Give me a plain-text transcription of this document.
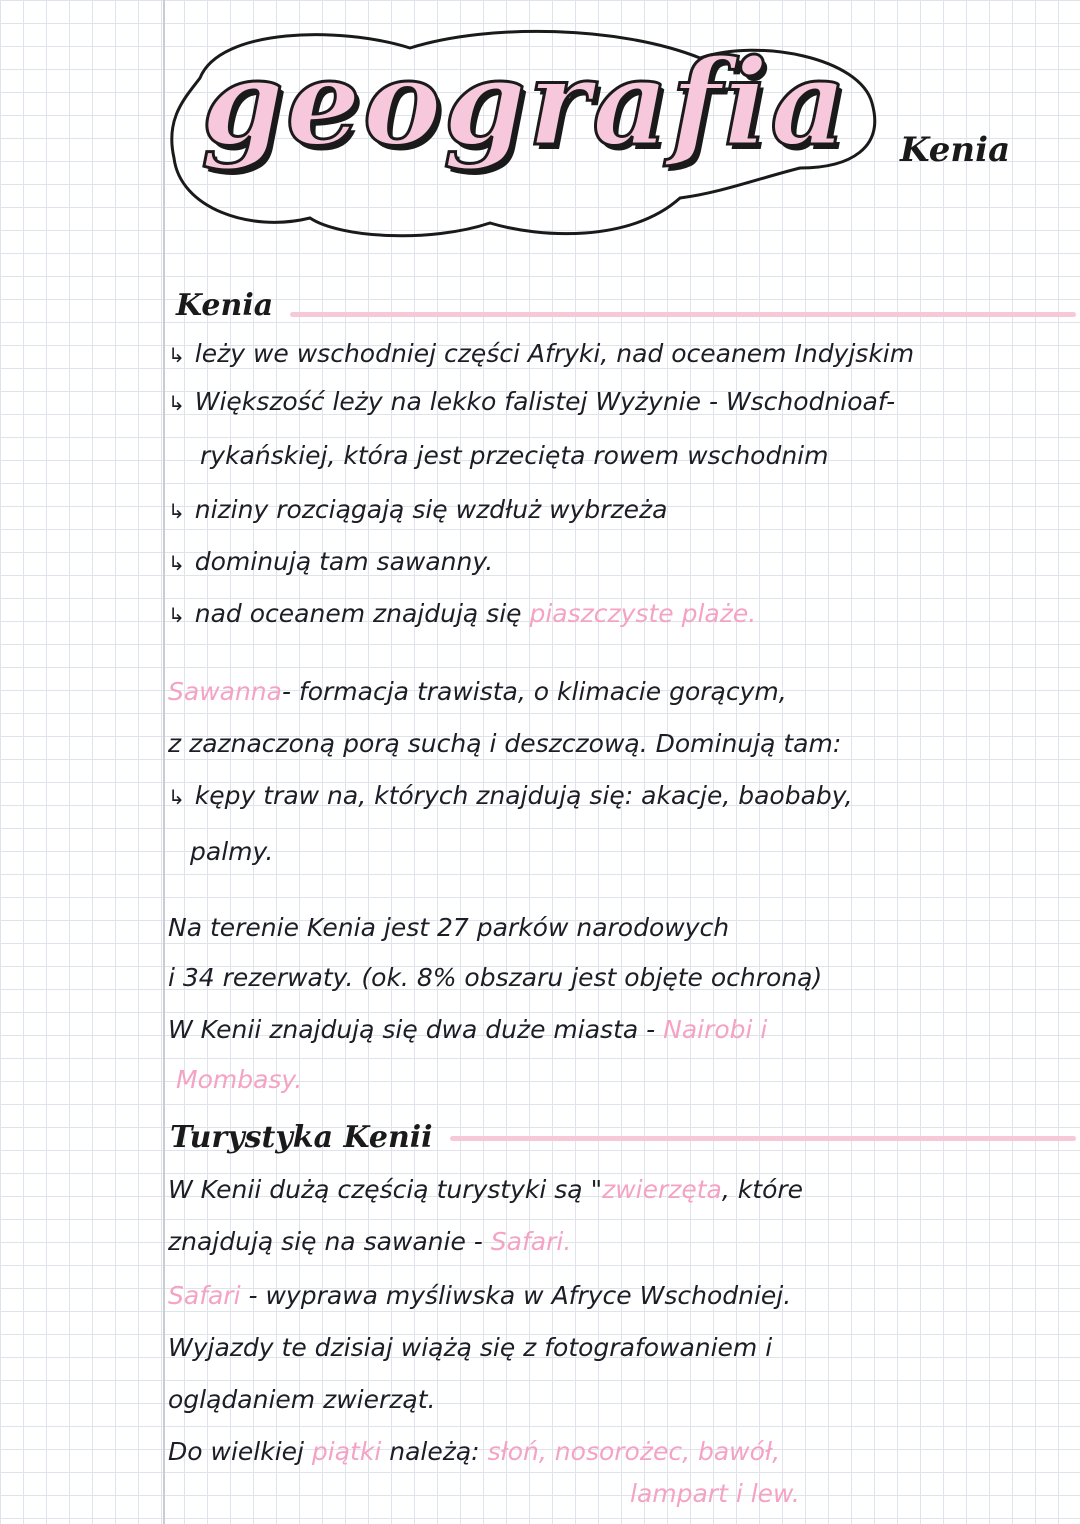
geografia	Kenia
Kenia
↳ leży we wschodniej części Afryki, nad oceanem Indyjskim
↳ Większość leży na lekko falistej Wyżynie - Wschodnioaf-
rykańskiej, która jest przecięta rowem wschodnim
↳ niziny rozciągają się wzdłuż wybrzeża
↳ dominują tam sawanny.
↳ nad oceanem znajdują się piaszczyste plaże.
Sawanna- formacja trawista, o klimacie gorącym,
z zaznaczoną porą suchą i deszczową. Dominują tam:
↳ kępy traw na, których znajdują się: akacje, baobaby,
palmy.
Na terenie Kenia jest 27 parków narodowych
i 34 rezerwaty. (ok. 8% obszaru jest objęte ochroną)
W Kenii znajdują się dwa duże miasta - Nairobi i
Mombasy.
Turystyka Kenii
W Kenii dużą częścią turystyki są "zwierzęta, które
znajdują się na sawanie - Safari.
Safari - wyprawa myśliwska w Afryce Wschodniej.
Wyjazdy te dzisiaj wiążą się z fotografowaniem i
oglądaniem zwierząt.
Do wielkiej piątki należą: słoń, nosorożec, bawół,
lampart i lew.
